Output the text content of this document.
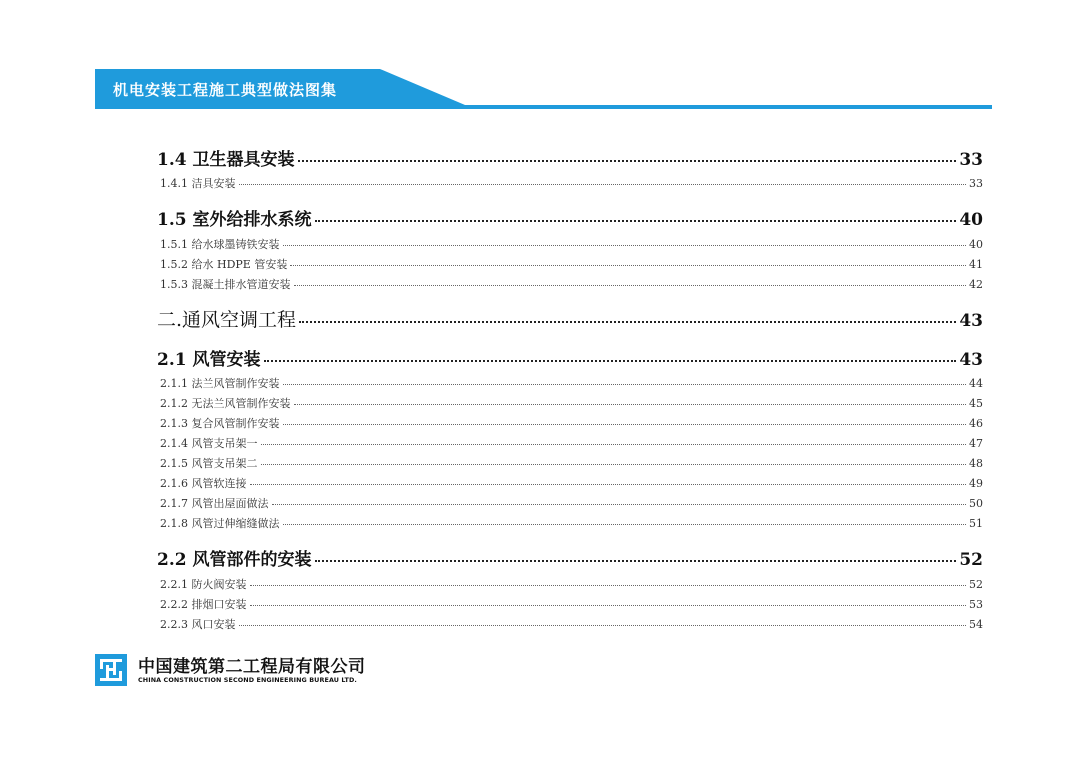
机电安装工程施工典型做法图集
1.4 卫生器具安装	33
1.4.1 洁具安装	33
1.5 室外给排水系统	40
1.5.1 给水球墨铸铁安装	40
1.5.2 给水 HDPE 管安装	41
1.5.3 混凝土排水管道安装	42
二.通风空调工程	43
2.1 风管安装	43
2.1.1 法兰风管制作安装	44
2.1.2 无法兰风管制作安装	45
2.1.3 复合风管制作安装	46
2.1.4 风管支吊架一	47
2.1.5 风管支吊架二	48
2.1.6 风管软连接	49
2.1.7 风管出屋面做法	50
2.1.8 风管过伸缩缝做法	51
2.2 风管部件的安装	52
2.2.1 防火阀安装	52
2.2.2 排烟口安装	53
2.2.3 风口安装	54
中国建筑第二工程局有限公司
CHINA CONSTRUCTION SECOND ENGINEERING BUREAU LTD.
